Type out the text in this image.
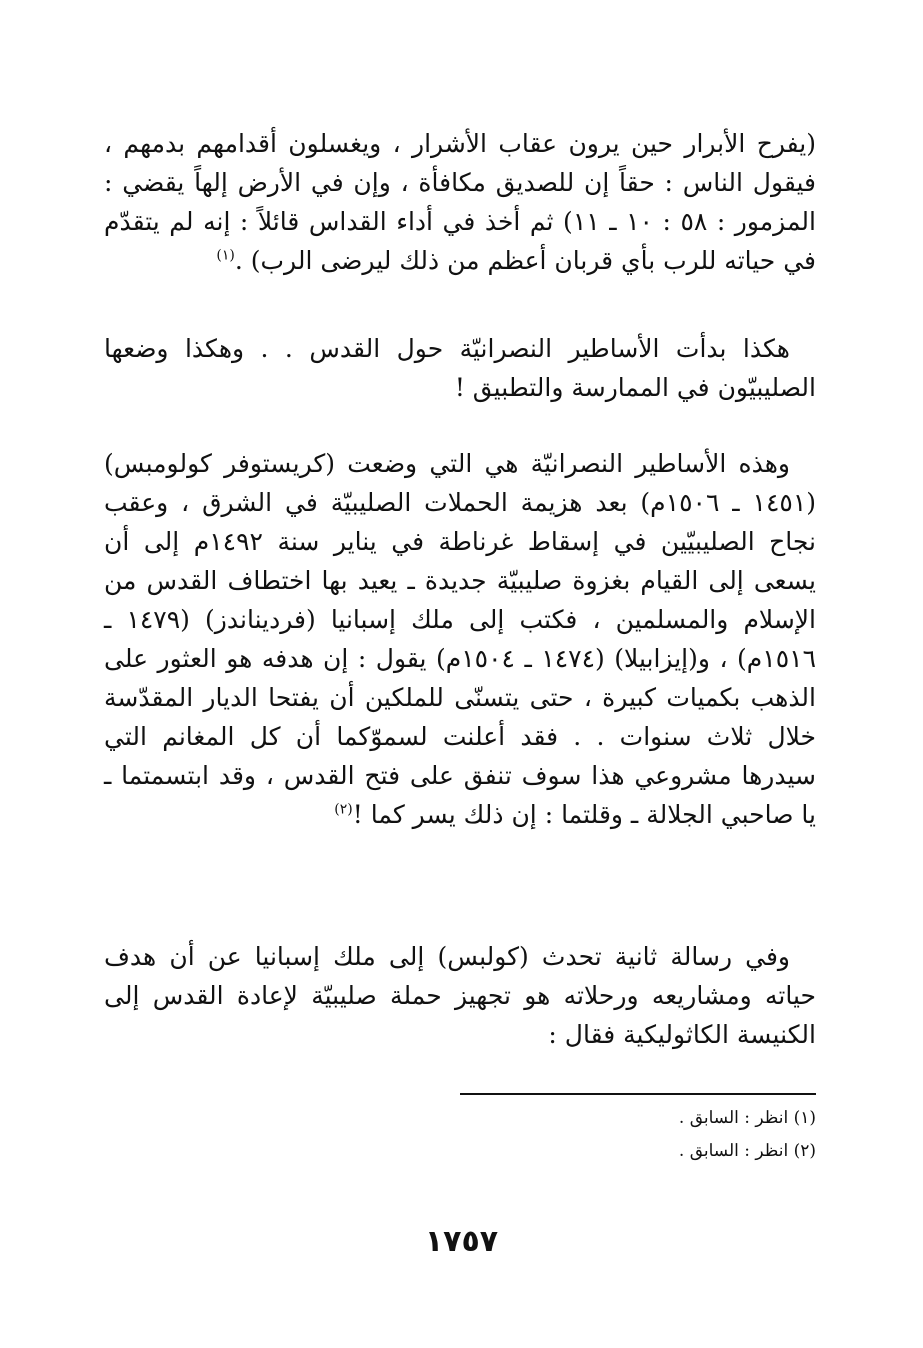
(يفرح الأبرار حين يرون عقاب الأشرار ، ويغسلون أقدامهم بدمهم ، فيقول الناس : حقاً إن للصديق مكافأة ، وإن في الأرض إلهاً يقضي : المزمور : ٥٨ : ١٠ ـ ١١) ثم أخذ في أداء القداس قائلاً : إنه لم يتقدّم في حياته للرب بأي قربان أعظم من ذلك ليرضى الرب) .$^{(١)}$

هكذا بدأت الأساطير النصرانيّة حول القدس . . وهكذا وضعها الصليبيّون في الممارسة والتطبيق !

وهذه الأساطير النصرانيّة هي التي وضعت (كريستوفر كولومبس) (١٤٥١ ـ ١٥٠٦م) بعد هزيمة الحملات الصليبيّة في الشرق ، وعقب نجاح الصليبيّين في إسقاط غرناطة في يناير سنة ١٤٩٢م إلى أن يسعى إلى القيام بغزوة صليبيّة جديدة ـ يعيد بها اختطاف القدس من الإسلام والمسلمين ، فكتب إلى ملك إسبانيا (فرديناندز) (١٤٧٩ ـ ١٥١٦م) ، و(إيزابيلا) (١٤٧٤ ـ ١٥٠٤م) يقول : إن هدفه هو العثور على الذهب بكميات كبيرة ، حتى يتسنّى للملكين أن يفتحا الديار المقدّسة خلال ثلاث سنوات . . فقد أعلنت لسموّكما أن كل المغانم التي سيدرها مشروعي هذا سوف تنفق على فتح القدس ، وقد ابتسمتما ـ يا صاحبي الجلالة ـ وقلتما : إن ذلك يسر كما !$^{(٢)}$

وفي رسالة ثانية تحدث (كولبس) إلى ملك إسبانيا عن أن هدف حياته ومشاريعه ورحلاته هو تجهيز حملة صليبيّة لإعادة القدس إلى الكنيسة الكاثوليكية فقال :

(١) انظر : السابق .
(٢) انظر : السابق .
١٧٥٧
